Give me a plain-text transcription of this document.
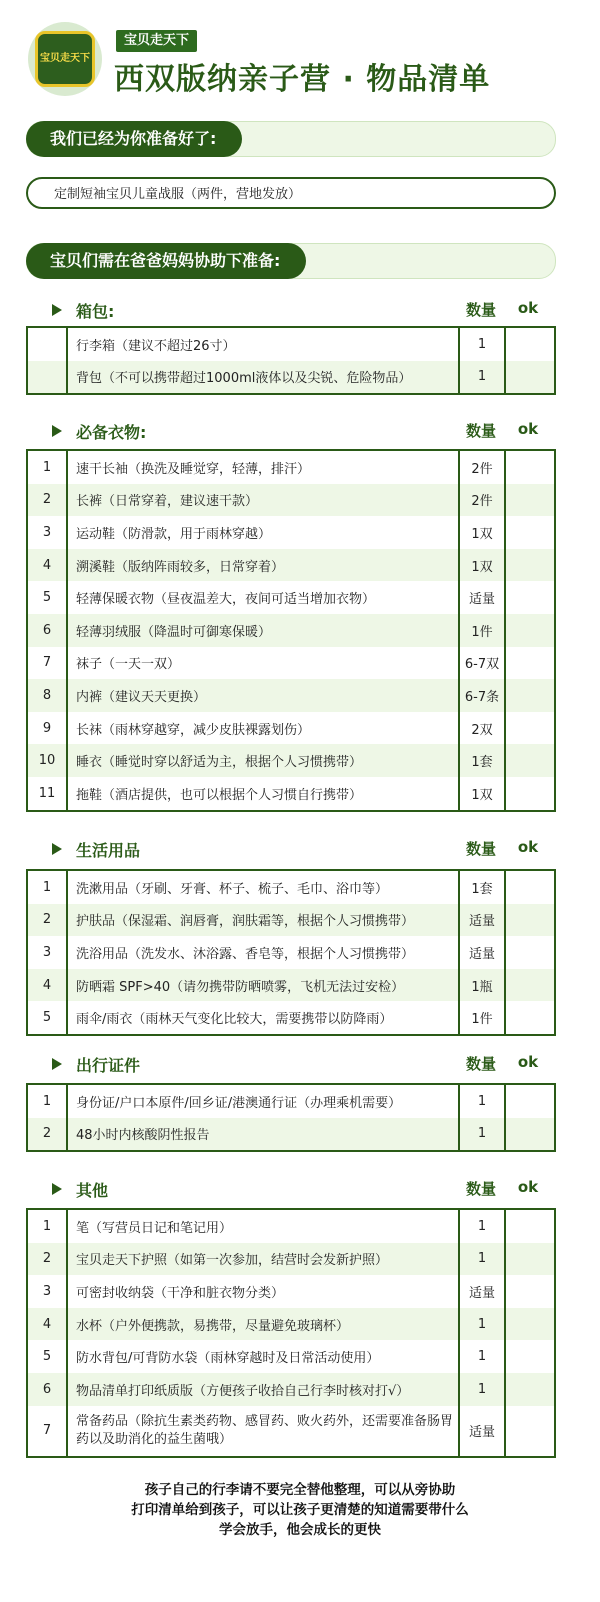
宝贝走天下
宝贝走天下
西双版纳亲子营 · 物品清单
我们已经为你准备好了:
定制短袖宝贝儿童战服（两件，营地发放）
宝贝们需在爸爸妈妈协助下准备:
箱包:	数量	ok
	行李箱（建议不超过26寸）	1	
	背包（不可以携带超过1000ml液体以及尖锐、危险物品）	1	
必备衣物:	数量	ok
1	速干长袖（换洗及睡觉穿，轻薄，排汗）	2件	
2	长裤（日常穿着，建议速干款）	2件	
3	运动鞋（防滑款，用于雨林穿越）	1双	
4	溯溪鞋（版纳阵雨较多，日常穿着）	1双	
5	轻薄保暖衣物（昼夜温差大，夜间可适当增加衣物）	适量	
6	轻薄羽绒服（降温时可御寒保暖）	1件	
7	袜子（一天一双）	6-7双	
8	内裤（建议天天更换）	6-7条	
9	长袜（雨林穿越穿，减少皮肤裸露划伤）	2双	
10	睡衣（睡觉时穿以舒适为主，根据个人习惯携带）	1套	
11	拖鞋（酒店提供，也可以根据个人习惯自行携带）	1双	
生活用品	数量	ok
1	洗漱用品（牙刷、牙膏、杯子、梳子、毛巾、浴巾等）	1套	
2	护肤品（保湿霜、润唇膏，润肤霜等，根据个人习惯携带）	适量	
3	洗浴用品（洗发水、沐浴露、香皂等，根据个人习惯携带）	适量	
4	防晒霜 SPF>40（请勿携带防晒喷雾，飞机无法过安检）	1瓶	
5	雨伞/雨衣（雨林天气变化比较大，需要携带以防降雨）	1件	
出行证件	数量	ok
1	身份证/户口本原件/回乡证/港澳通行证（办理乘机需要）	1	
2	48小时内核酸阴性报告	1	
其他	数量	ok
1	笔（写营员日记和笔记用）	1	
2	宝贝走天下护照（如第一次参加，结营时会发新护照）	1	
3	可密封收纳袋（干净和脏衣物分类）	适量	
4	水杯（户外便携款，易携带，尽量避免玻璃杯）	1	
5	防水背包/可背防水袋（雨林穿越时及日常活动使用）	1	
6	物品清单打印纸质版（方便孩子收拾自己行李时核对打√）	1	
7	常备药品（除抗生素类药物、感冒药、败火药外，还需要准备肠胃药以及助消化的益生菌哦）	适量	
孩子自己的行李请不要完全替他整理，可以从旁协助
打印清单给到孩子，可以让孩子更清楚的知道需要带什么
学会放手，他会成长的更快
